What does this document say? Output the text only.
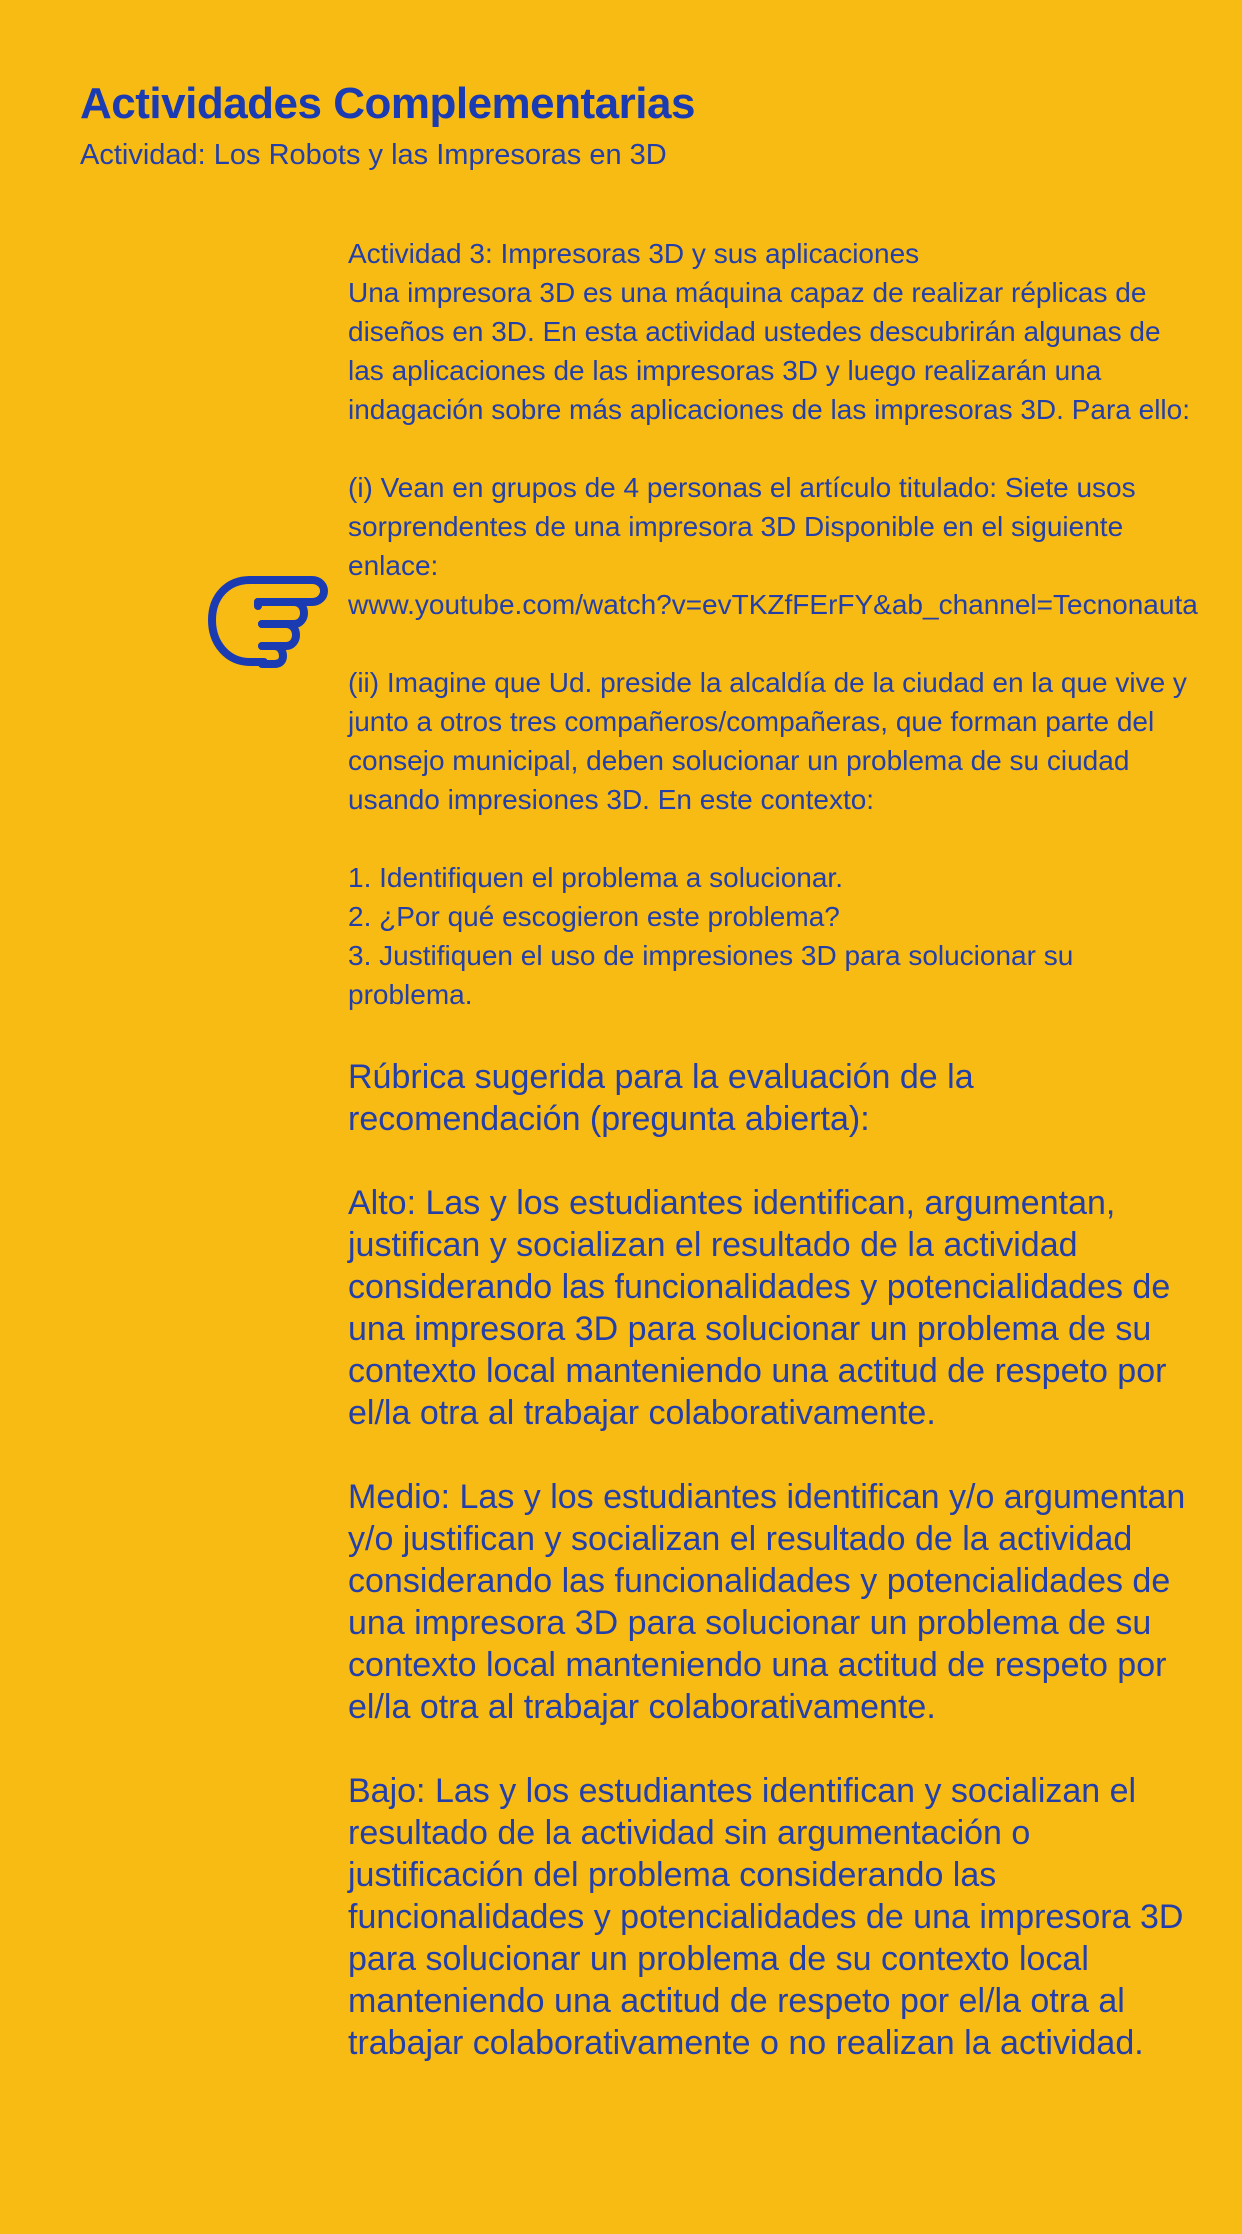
Actividades Complementarias
Actividad: Los Robots y las Impresoras en 3D

Actividad 3: Impresoras 3D y sus aplicaciones

Una impresora 3D es una máquina capaz de realizar réplicas de diseños en 3D. En esta actividad ustedes descubrirán algunas de las aplicaciones de las impresoras 3D y luego realizarán una indagación sobre más aplicaciones de las impresoras 3D. Para ello:

(i) Vean en grupos de 4 personas el artículo titulado: Siete usos sorprendentes de una impresora 3D Disponible en el siguiente enlace:

www.youtube.com/watch?v=evTKZfFErFY&ab_channel=Tecnonauta

(ii) Imagine que Ud. preside la alcaldía de la ciudad en la que vive y junto a otros tres compañeros/compañeras, que forman parte del consejo municipal, deben solucionar un problema de su ciudad usando impresiones 3D. En este contexto:

1. Identifiquen el problema a solucionar.

2. ¿Por qué escogieron este problema?

3. Justifiquen el uso de impresiones 3D para solucionar su problema.

Rúbrica sugerida para la evaluación de la recomendación (pregunta abierta):

Alto: Las y los estudiantes identifican, argumentan, justifican y socializan el resultado de la actividad considerando las funcionalidades y potencialidades de una impresora 3D para solucionar un problema de su contexto local manteniendo una actitud de respeto por el/la otra al trabajar colaborativamente.

Medio: Las y los estudiantes identifican y/o argumentan y/o justifican y socializan el resultado de la actividad considerando las funcionalidades y potencialidades de una impresora 3D para solucionar un problema de su contexto local manteniendo una actitud de respeto por el/la otra al trabajar colaborativamente.

Bajo: Las y los estudiantes identifican y socializan el resultado de la actividad sin argumentación o justificación del problema considerando las funcionalidades y potencialidades de una impresora 3D para solucionar un problema de su contexto local manteniendo una actitud de respeto por el/la otra al trabajar colaborativamente o no realizan la actividad.
